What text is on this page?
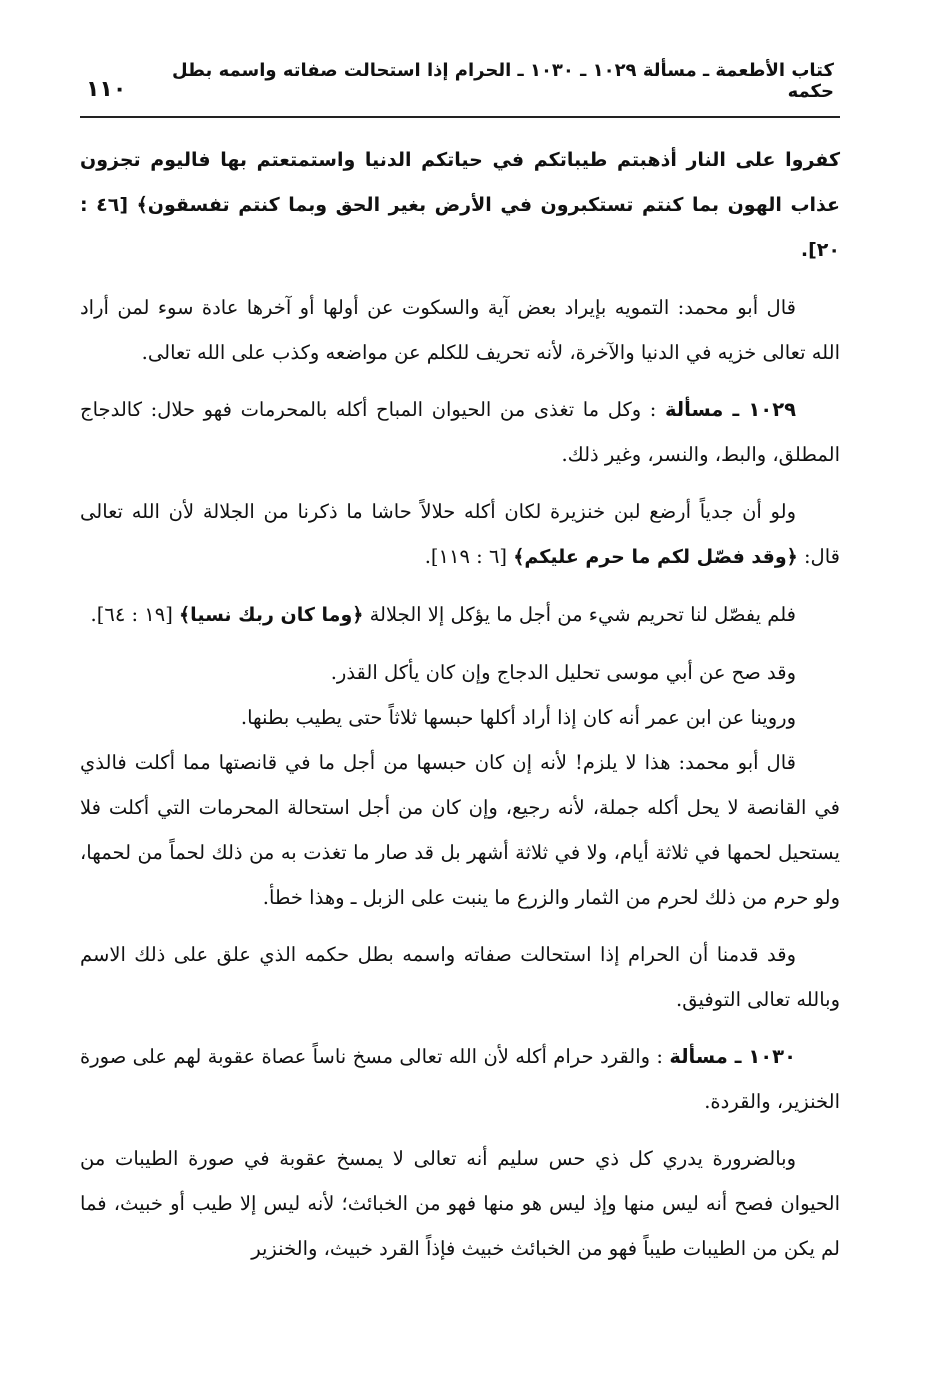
١١٠
كتاب الأطعمة ـ مسألة ١٠٢٩ ـ ١٠٣٠ ـ الحرام إذا استحالت صفاته واسمه بطل حكمه

كفروا على النار أذهبتم طيباتكم في حياتكم الدنيا واستمتعتم بها فاليوم تجزون عذاب الهون بما كنتم تستكبرون في الأرض بغير الحق وبما كنتم تفسقون﴾ [٤٦ : ٢٠].

قال أبو محمد: التمويه بإيراد بعض آية والسكوت عن أولها أو آخرها عادة سوء لمن أراد الله تعالى خزيه في الدنيا والآخرة، لأنه تحريف للكلم عن مواضعه وكذب على الله تعالى.

١٠٢٩ ـ مسألة : وكل ما تغذى من الحيوان المباح أكله بالمحرمات فهو حلال: كالدجاج المطلق، والبط، والنسر، وغير ذلك.

ولو أن جدياً أرضع لبن خنزيرة لكان أكله حلالاً حاشا ما ذكرنا من الجلالة لأن الله تعالى قال: ﴿وقد فصّل لكم ما حرم عليكم﴾ [٦ : ١١٩].

فلم يفصّل لنا تحريم شيء من أجل ما يؤكل إلا الجلالة ﴿وما كان ربك نسيا﴾ [١٩ : ٦٤].

وقد صح عن أبي موسى تحليل الدجاج وإن كان يأكل القذر.

وروينا عن ابن عمر أنه كان إذا أراد أكلها حبسها ثلاثاً حتى يطيب بطنها.

قال أبو محمد: هذا لا يلزم! لأنه إن كان حبسها من أجل ما في قانصتها مما أكلت فالذي في القانصة لا يحل أكله جملة، لأنه رجيع، وإن كان من أجل استحالة المحرمات التي أكلت فلا يستحيل لحمها في ثلاثة أيام، ولا في ثلاثة أشهر بل قد صار ما تغذت به من ذلك لحماً من لحمها، ولو حرم من ذلك لحرم من الثمار والزرع ما ينبت على الزبل ـ وهذا خطأ.

وقد قدمنا أن الحرام إذا استحالت صفاته واسمه بطل حكمه الذي علق على ذلك الاسم وبالله تعالى التوفيق.

١٠٣٠ ـ مسألة : والقرد حرام أكله لأن الله تعالى مسخ ناساً عصاة عقوبة لهم على صورة الخنزير، والقردة.

وبالضرورة يدري كل ذي حس سليم أنه تعالى لا يمسخ عقوبة في صورة الطيبات من الحيوان فصح أنه ليس منها وإذ ليس هو منها فهو من الخبائث؛ لأنه ليس إلا طيب أو خبيث، فما لم يكن من الطيبات طيباً فهو من الخبائث خبيث فإذاً القرد خبيث، والخنزير
